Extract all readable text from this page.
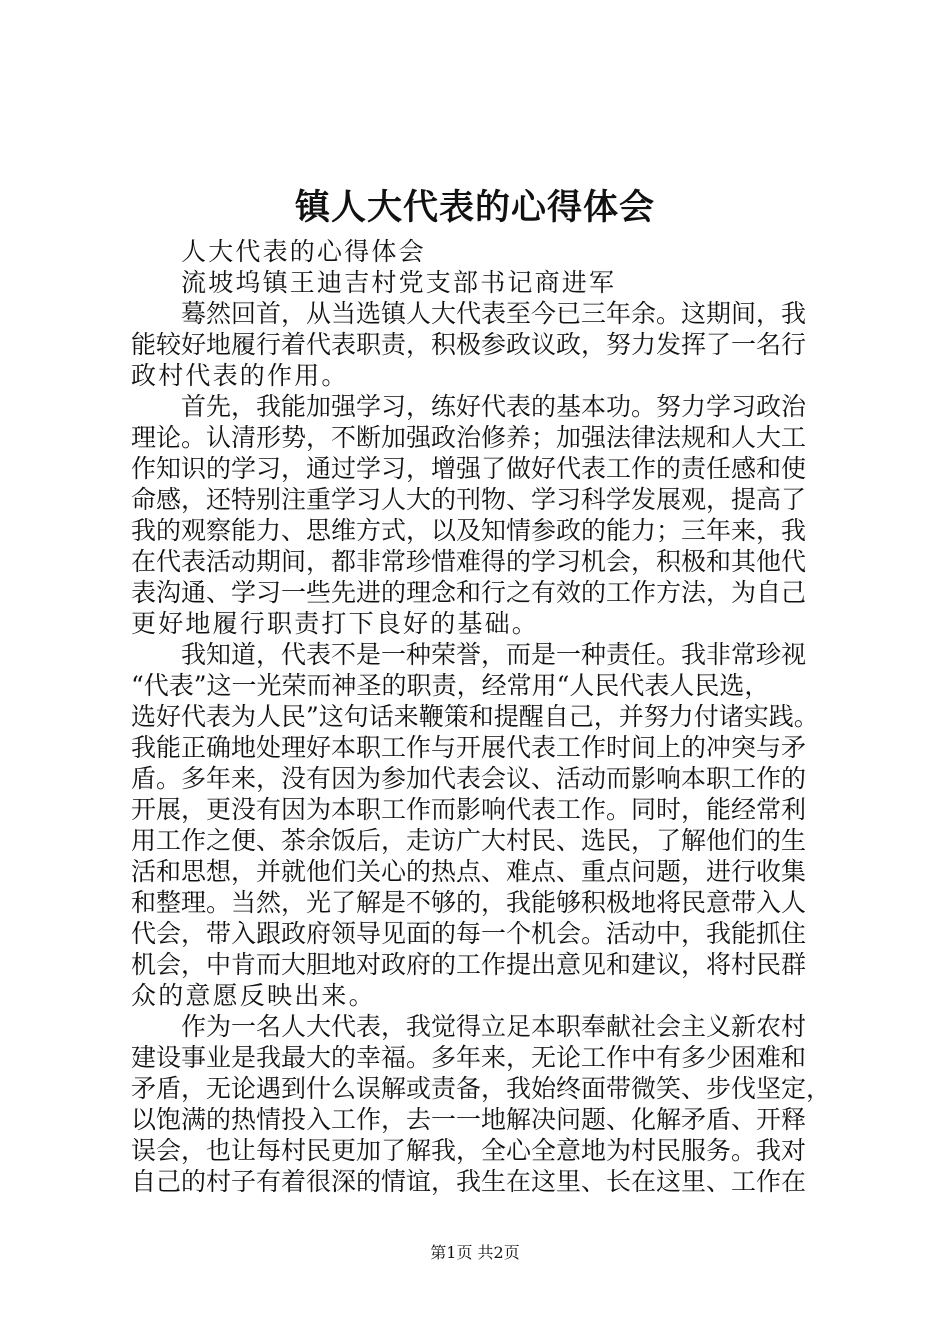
镇人大代表的心得体会
人大代表的心得体会
流坡坞镇王迪吉村党支部书记商进军
蓦然回首，从当选镇人大代表至今已三年余。这期间，我
能较好地履行着代表职责，积极参政议政，努力发挥了一名行
政村代表的作用。
首先，我能加强学习，练好代表的基本功。努力学习政治
理论。认清形势，不断加强政治修养；加强法律法规和人大工
作知识的学习，通过学习，增强了做好代表工作的责任感和使
命感，还特别注重学习人大的刊物、学习科学发展观，提高了
我的观察能力、思维方式，以及知情参政的能力；三年来，我
在代表活动期间，都非常珍惜难得的学习机会，积极和其他代
表沟通、学习一些先进的理念和行之有效的工作方法，为自己
更好地履行职责打下良好的基础。
我知道，代表不是一种荣誉，而是一种责任。我非常珍视
“代表”这一光荣而神圣的职责，经常用“人民代表人民选，
选好代表为人民”这句话来鞭策和提醒自己，并努力付诸实践。
我能正确地处理好本职工作与开展代表工作时间上的冲突与矛
盾。多年来，没有因为参加代表会议、活动而影响本职工作的
开展，更没有因为本职工作而影响代表工作。同时，能经常利
用工作之便、茶余饭后，走访广大村民、选民，了解他们的生
活和思想，并就他们关心的热点、难点、重点问题，进行收集
和整理。当然，光了解是不够的，我能够积极地将民意带入人
代会，带入跟政府领导见面的每一个机会。活动中，我能抓住
机会，中肯而大胆地对政府的工作提出意见和建议，将村民群
众的意愿反映出来。
作为一名人大代表，我觉得立足本职奉献社会主义新农村
建设事业是我最大的幸福。多年来，无论工作中有多少困难和
矛盾，无论遇到什么误解或责备，我始终面带微笑、步伐坚定，
以饱满的热情投入工作，去一一地解决问题、化解矛盾、开释
误会，也让每村民更加了解我，全心全意地为村民服务。我对
自己的村子有着很深的情谊，我生在这里、长在这里、工作在
第1页 共2页
